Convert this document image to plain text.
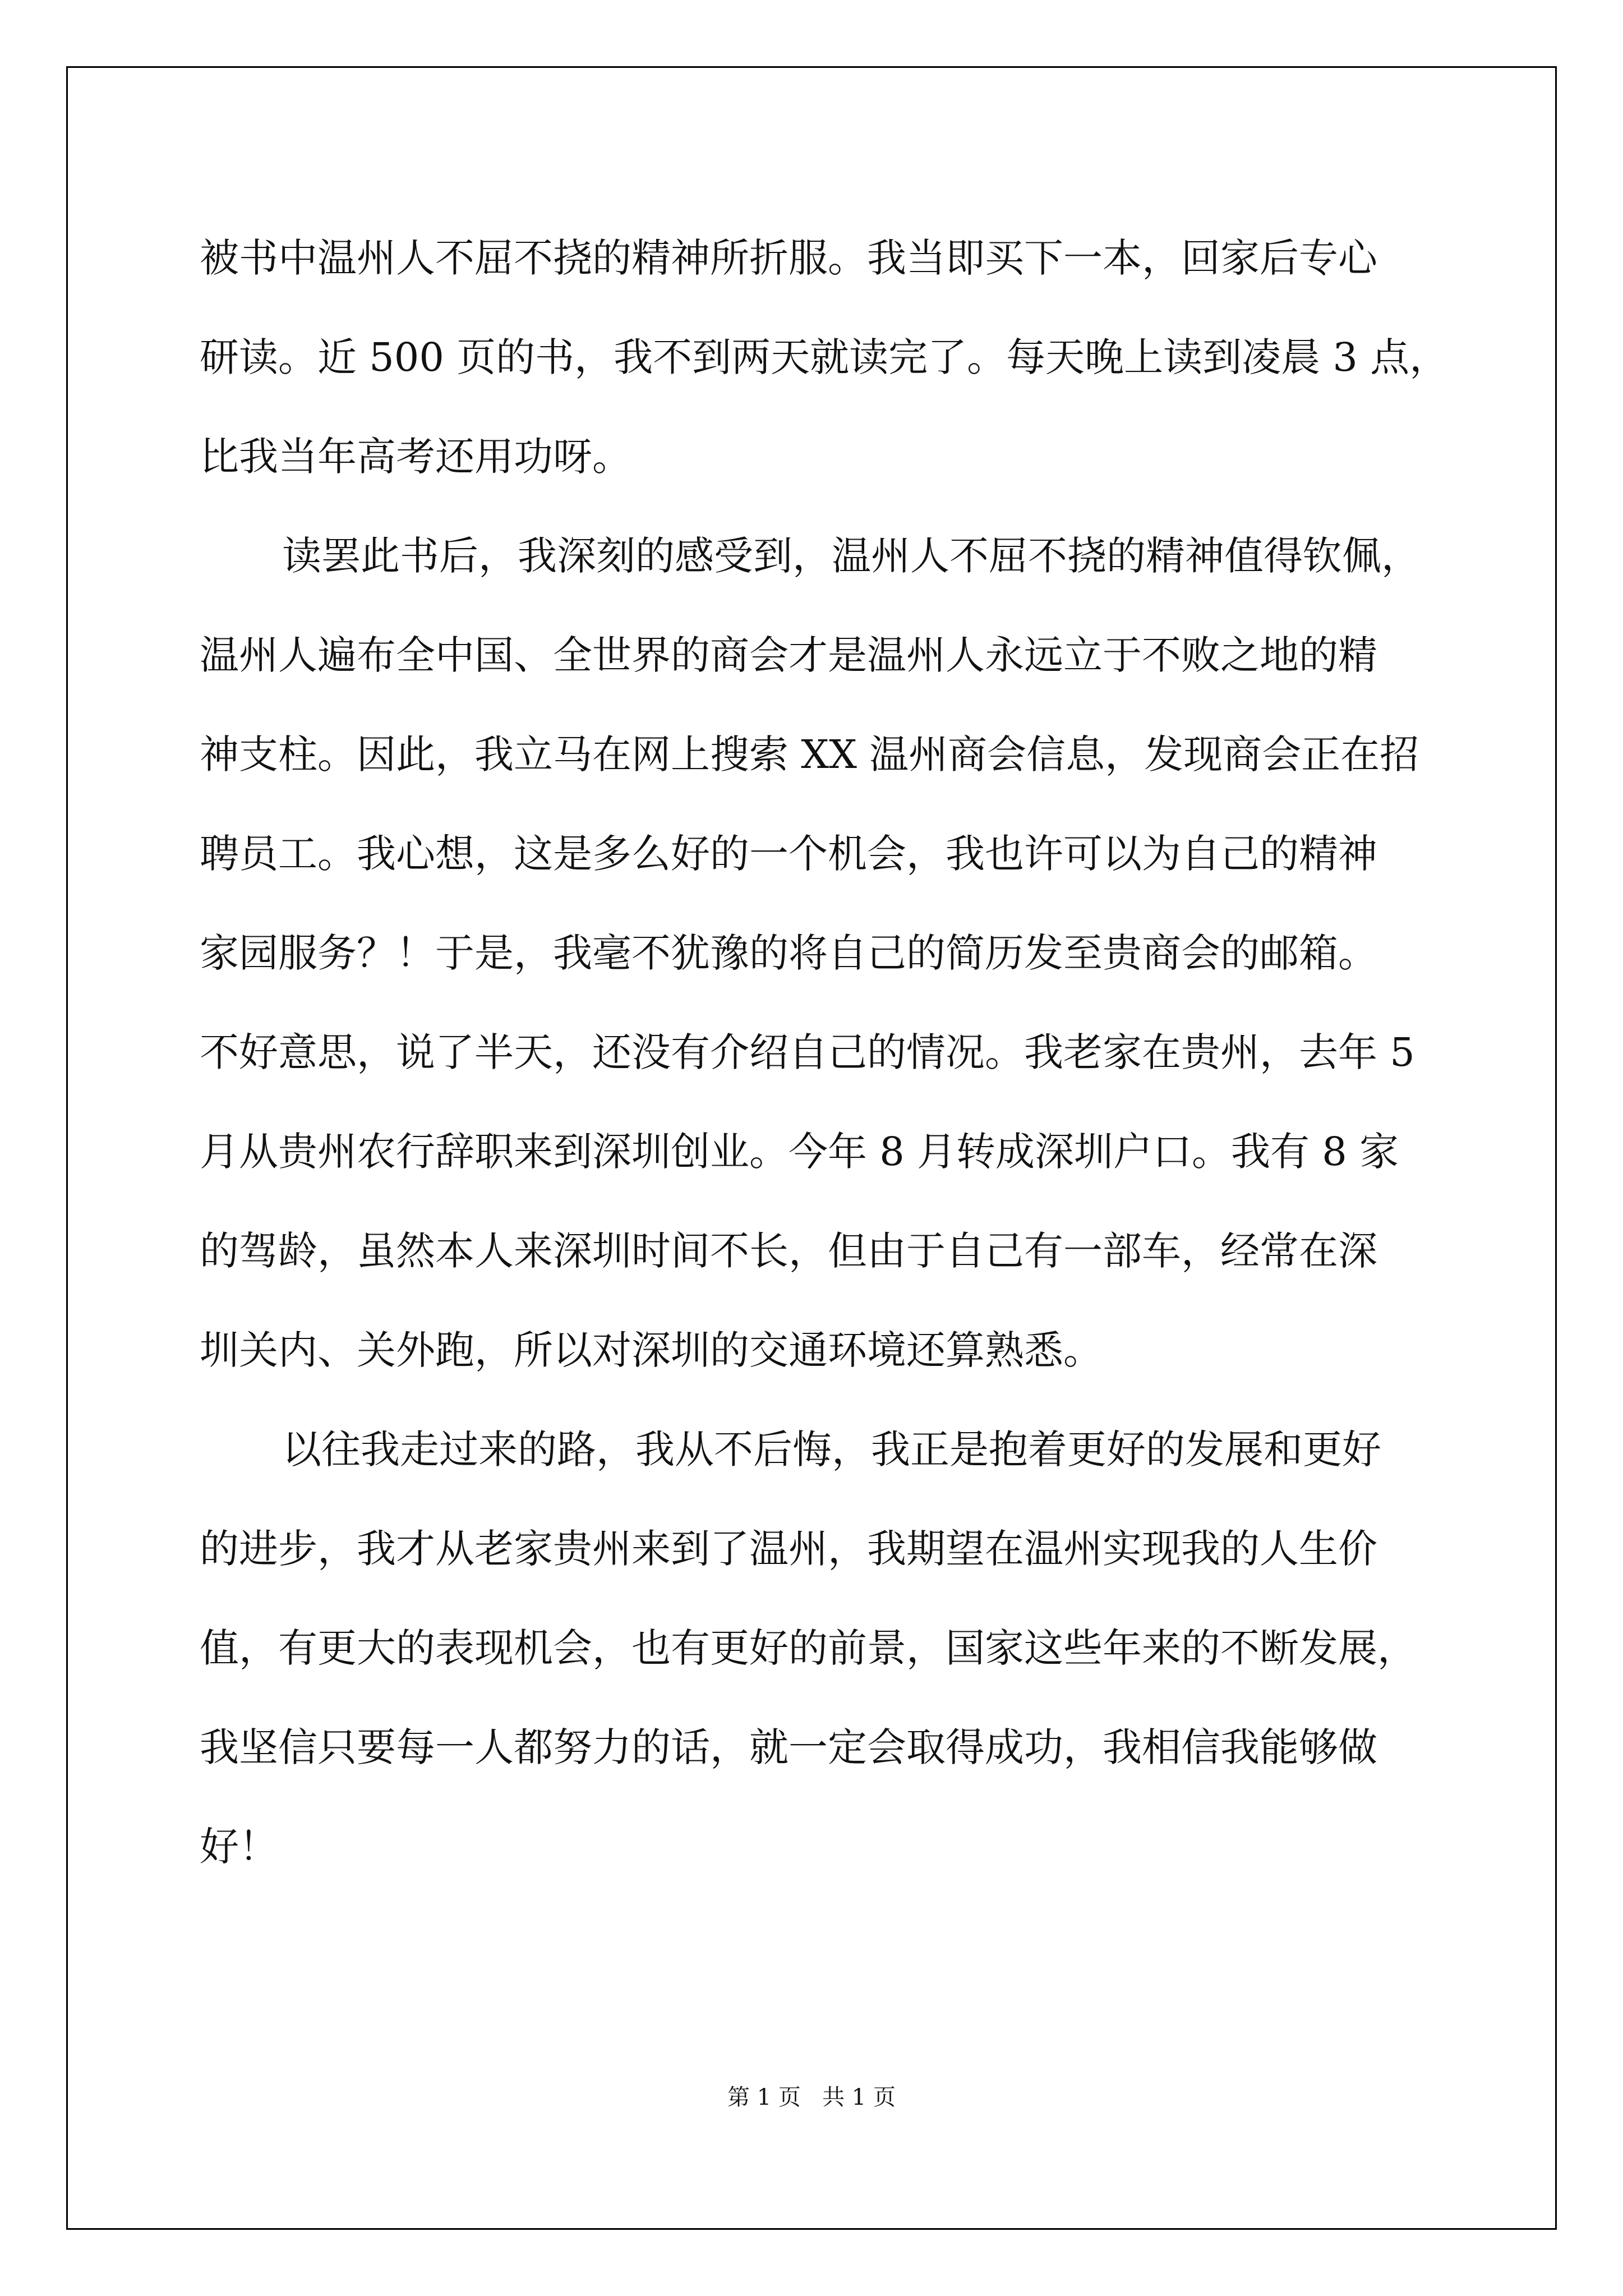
被书中温州人不屈不挠的精神所折服。我当即买下一本，回家后专心
研读。近 500 页的书，我不到两天就读完了。每天晚上读到凌晨 3 点，
比我当年高考还用功呀。
读罢此书后，我深刻的感受到，温州人不屈不挠的精神值得钦佩，
温州人遍布全中国、全世界的商会才是温州人永远立于不败之地的精
神支柱。因此，我立马在网上搜索 XX 温州商会信息，发现商会正在招
聘员工。我心想，这是多么好的一个机会，我也许可以为自己的精神
家园服务？！于是，我毫不犹豫的将自己的简历发至贵商会的邮箱。
不好意思，说了半天，还没有介绍自己的情况。我老家在贵州，去年 5
月从贵州农行辞职来到深圳创业。今年 8 月转成深圳户口。我有 8 家
的驾龄，虽然本人来深圳时间不长，但由于自己有一部车，经常在深
圳关内、关外跑，所以对深圳的交通环境还算熟悉。
以往我走过来的路，我从不后悔，我正是抱着更好的发展和更好
的进步，我才从老家贵州来到了温州，我期望在温州实现我的人生价
值，有更大的表现机会，也有更好的前景，国家这些年来的不断发展，
我坚信只要每一人都努力的话，就一定会取得成功，我相信我能够做
好！
第 1 页   共 1 页
